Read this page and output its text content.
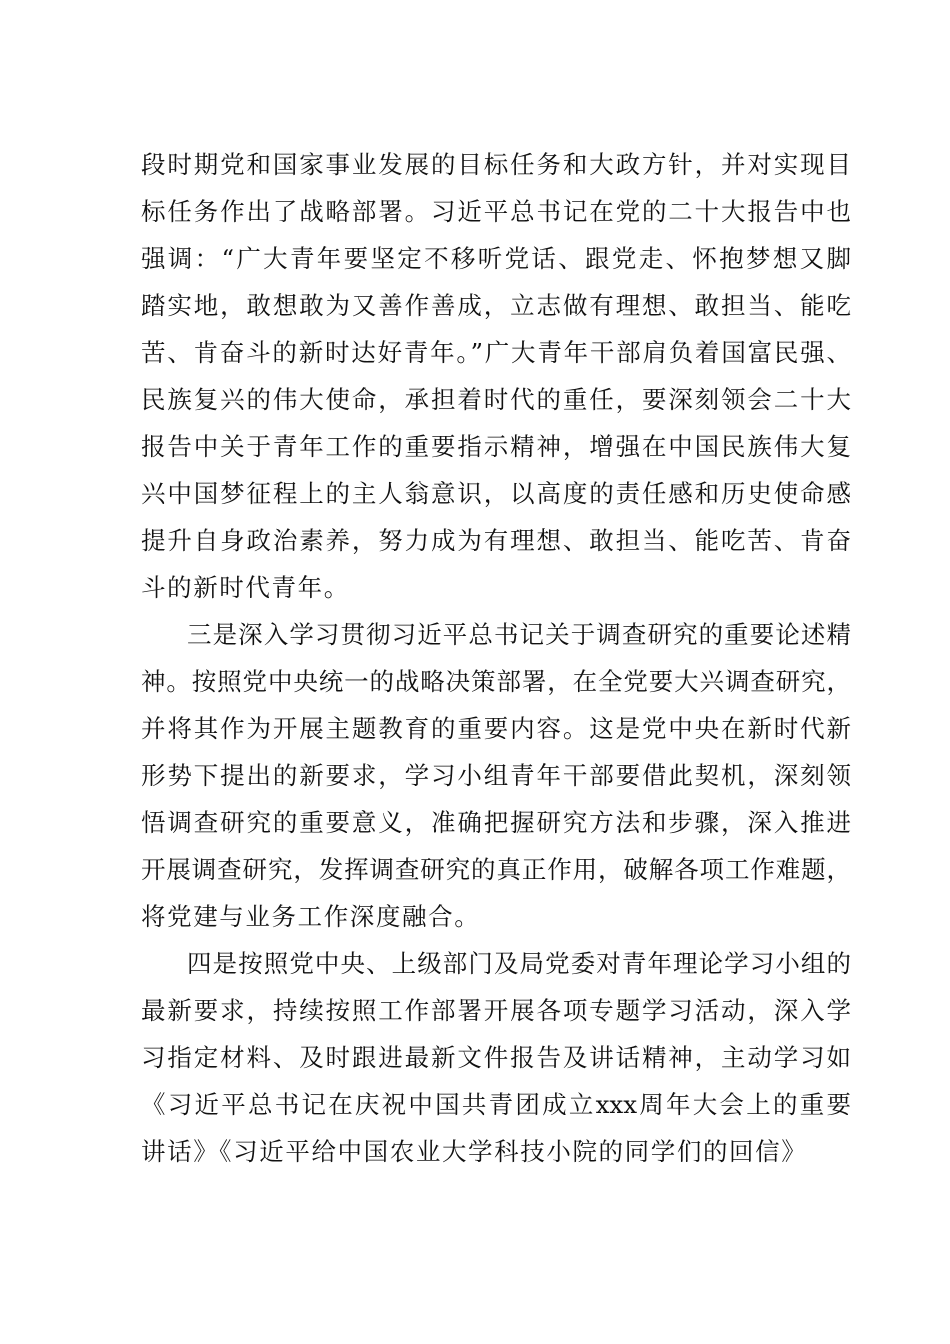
段时期党和国家事业发展的目标任务和大政方针，并对实现目
标任务作出了战略部署。习近平总书记在党的二十大报告中也
强调：“广大青年要坚定不移听党话、跟党走、怀抱梦想又脚
踏实地，敢想敢为又善作善成，立志做有理想、敢担当、能吃
苦、肯奋斗的新时达好青年。”广大青年干部肩负着国富民强、
民族复兴的伟大使命，承担着时代的重任，要深刻领会二十大
报告中关于青年工作的重要指示精神，增强在中国民族伟大复
兴中国梦征程上的主人翁意识，以高度的责任感和历史使命感
提升自身政治素养，努力成为有理想、敢担当、能吃苦、肯奋
斗的新时代青年。
三是深入学习贯彻习近平总书记关于调查研究的重要论述精
神。按照党中央统一的战略决策部署，在全党要大兴调查研究，
并将其作为开展主题教育的重要内容。这是党中央在新时代新
形势下提出的新要求，学习小组青年干部要借此契机，深刻领
悟调查研究的重要意义，准确把握研究方法和步骤，深入推进
开展调查研究，发挥调查研究的真正作用，破解各项工作难题，
将党建与业务工作深度融合。
四是按照党中央、上级部门及局党委对青年理论学习小组的
最新要求，持续按照工作部署开展各项专题学习活动，深入学
习指定材料、及时跟进最新文件报告及讲话精神，主动学习如
《习近平总书记在庆祝中国共青团成立xxx周年大会上的重要
讲话》《习近平给中国农业大学科技小院的同学们的回信》
